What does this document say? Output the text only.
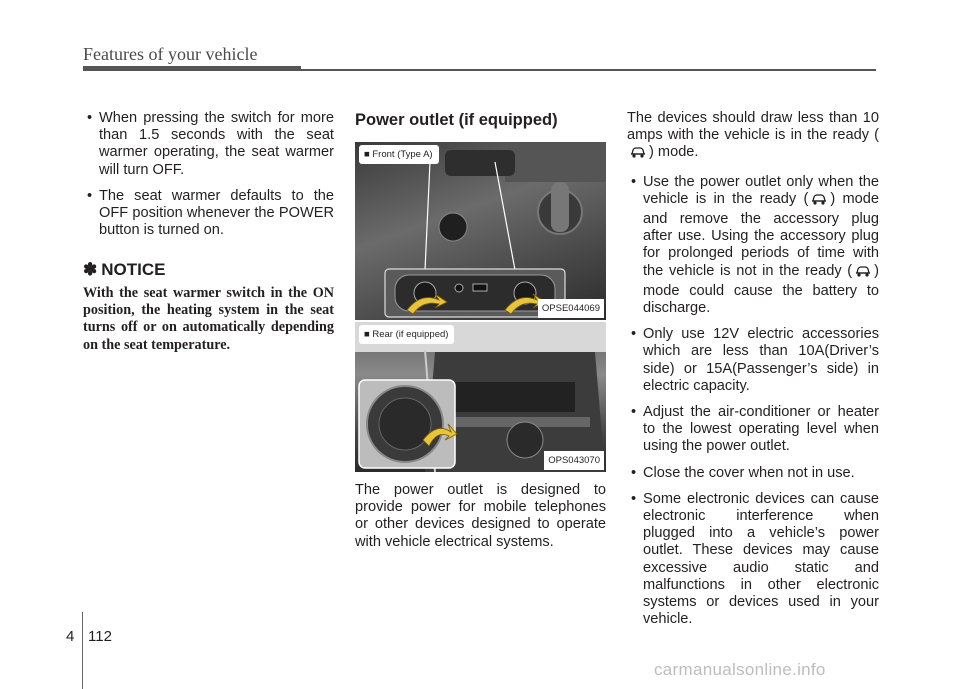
Features of your vehicle
• When pressing the switch for more than 1.5 seconds with the seat warmer operating, the seat warmer will turn OFF.
• The seat warmer defaults to the OFF position whenever the POWER button is turned on.
✽ NOTICE
With the seat warmer switch in the ON position, the heating system in the seat turns off or on automatically depending on the seat temperature.
Power outlet (if equipped)
■ Front (Type A)
OPSE044069
■ Rear (if equipped)
OPS043070
The power outlet is designed to provide power for mobile telephones or other devices designed to operate with vehicle electrical systems.
The devices should draw less than 10 amps with the vehicle is in the ready () mode.
• Use the power outlet only when the vehicle is in the ready ( ) mode and remove the accessory plug after use. Using the accessory plug for prolonged periods of time with the vehicle is not in the ready ( ) mode could cause the battery to discharge.
• Only use 12V electric accessories which are less than 10A(Driver’s side) or 15A(Passenger’s side) in electric capacity.
• Adjust the air-conditioner or heater to the lowest operating level when using the power outlet.
• Close the cover when not in use.
• Some electronic devices can cause electronic interference when plugged into a vehicle’s power outlet. These devices may cause excessive audio static and malfunctions in other electronic systems or devices used in your vehicle.
4 112
carmanualsonline.info
